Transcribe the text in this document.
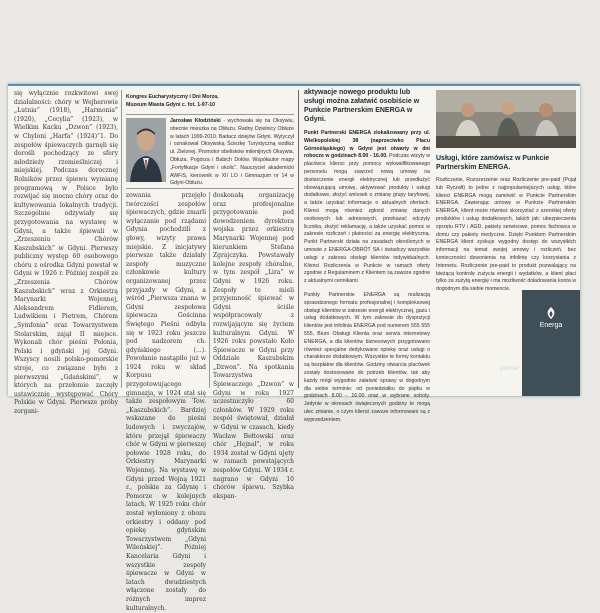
się wyłącznie rozkwitowi swej działalności: chóry w Wejherowie „Lutnia” (1918), „Harmonia” (1920), „Cecylia” (1923), w Wielkim Kacku „Dzwon” (1923), w Chyloni „Harfa” (1924)”1. Do zespołów śpiewaczych garnęli się dorośli pochodzący ze sfery młodzieży rzemieślniczej i miejskiej. Podczas dorocznej Rolników przez śpiewu wymianę programową w Polsce było rozwijać się mocno chóry oraz do kultywowania lokalnych tradycji. Szczególnie odżywiały się przygotowania na wystawę w Gdyni, a także śpiewali w „Zrzeszeniu Chórów Kaszubskich” w Gdyni. Pierwszy publiczny występ 60 osobowego chóru z ośrodka Gdyni powstał w Gdyni w 1926 r. Później zespół ze „Zrzeszenia Chórów Kaszubskich” wraz z Orkiestrą Marynarki Wojennej, Aleksandrem Fidlerem, Ludwikiem i Pietrem, Chórem „Symfonia” oraz Towarzystwem Stolarskim, zajął II miejsce. Wykonali chór pieśni Polonia, Polski i gdyński jej Gdyni. Wszyscy nosili polsko-pomorskie stroje, co związane było z pierwszymi „Gdańskimi”, w których na przełomie zaczęły ustawicznie występować Chóry Polskie w Gdyni. Pierwsze próby zorgani-

Kongres Eucharystyczny i Dni Morza,
Muzeum Miasta Gdyni c. fot. 1-97-10

Jarosław Kłodziński - wychowała się na Oksywiu, obecnie mieszka na Obłużu. Radny Dzielnicy Obłuże w latach 1999-2010. Badacz dziejów Gdyni. Wytyczył i oznakował Oksywską Ścieżkę Turystyczną wzdłuż ul. Zielonej. Promotor obelisków milenijnych Oksywia, Obłuża, Pogórza i Babich Dołów. Współautor mapy „Fortyfikacje Gdyni i okolic”. Nauczyciel akademicki AWFiS, kierownik w XII LO i Gimnazjum nr 14 w Gdyni-Obłużu.

zowania przejęło twórczości zespołów śpiewaczych, gdzie zmarli wyłączanie pod rządami Gdynia pochodzili z głowy, wizyty prawa miejskie. Z inicjatywy pierwsze także działały zespoły muzyczne członkowie kultury organizowanej przez przyjazdy w Gdyni, a wśród „Pierwsza znana w Gdyni zespołowa śpiewacza Gościnna Świętego Pieśni odbyła się w 1923 roku jeszcze pod nadzorem ch. gdyńskiego (...). Powołanie nastąpiło już w 1924 roku w skład Korpusu przygotowującego gimnazja, w 1924 stał się także zespołowym Tow. „Kaszubskich”. Bardziej wskazane do pieśni ludowych i zwyczajów, które przejął śpiewaczy chór w Gdyni w pierwszej połowie 1928 roku, do Orkiestry Marynarki Wojennej. Na wystawę w Gdyni przed Wojną 1921 r., polskie za Gdynię i Pomorze w kolejnych latach. W 1925 roku chór został wyłoniony z obozu orkiestry i oddany pod opiekę gdyńskim Towarzystwem „Gdyni Wileńskiej”. Później Kancelaria Gdyni i wszystkie zespoły śpiewacze w Gdyni w latach dwudziestych włączone zostały do różnych imprez kulturalnych.

doskonałą organizację oraz profesjonalne przygotowanie pod dowodzeniem dyrektora wojska przez orkiestrę Marynarki Wojennej pod kierunkiem Stefana Zgrajczyka. Powstawały kolejne zespoły chóralne, w tym zespół „Lira” w Gdyni w 1926 roku. Zespoły te mieli przyjemność śpiewać w Gdyni ściśle współpracowały z rozwijającym się życiem kulturalnym Gdyni. W 1926 roku powstało Koło Śpiewacze w Gdyni przy Oddziale Kaszubskim „Dzwon”. Na spotkania Towarzystwa Śpiewaczego „Dzwon” w Gdyni w roku 1927 uczestniczyło 60 członków. W 1929 roku zespół świętował, działał w Gdyni w czasach, kiedy Wacław Bełtowski oraz chór „Hejnał”, w roku 1934 został w Gdyni ujęty w ramach powstających zespołów Gdyni. W 1934 r. nagrano w Gdyni 10 chórów śpiewu. Szybka ekspan-

aktywacje nowego produktu lub usługi można załatwić osobiście w Punkcie Partnerskim ENERGA w Gdyni.

Punkt Partnerski ENERGA zlokalizowany przy ul. Wielkopolskiej 38 (naprzeciwko Placu Górnośląskiego) w Gdyni jest otwarty w dni robocze w godzinach 8.00 - 16.00. Podczas wizyty w placówce klienci przy pomocy wykwalifikowanego personelu mogą zawrzeć nową umowę na dostarczenie energii elektrycznej lub przedłużyć obowiązującą umowę, aktywować produkty i usługi dodatkowe, złożyć wniosek o zmianę grupy taryfowej, a także uzyskać informacje o aktualnych ofertach. Klienci mogą również zgłosić zmianę danych osobowych lub adresowych, przekazać odczyty licznika, złożyć reklamację, a także uzyskać pomoc w zakresie rozliczeń i płatności za energię elektryczną. Punkt Partnerski działa na zasadach określonych w umowie z ENERGA-OBRÓT SA i świadczy wszystkie usługi z zakresu obsługi klientów indywidualnych. Klienci Rozliczenia w Punkcie w ramach oferty zgodnie z Regulaminem z Klientem są zawsze zgodne z aktualnymi cennikami.

Punkty Partnerskie ENERGA są realizacją sprawdzonego formatu profesjonalnej i kompleksowej obsługi klientów w zakresie energii elektrycznej, gazu i usług dodatkowych. W tym zakresie do dyspozycji klientów jest infolinia ENERGA pod numerem 555 555 555, Biuro Obsługi Klienta oraz serwis internetowy ENERGA, a dla klientów biznesowych przygotowano również specjalne dedykowane opiekę oraz usługi o charakterze dodatkowym. Wszystkie te formy kontaktu są bezpłatne dla klientów. Godziny otwarcia placówek zostały dostosowane do potrzeb klientów, tak aby każdy mógł wygodnie załatwić sprawy w dogodnym dla siebie terminie: od poniedziałku do piątku w godzinach 8.00 - 16.00 oraz w wybrane soboty. Jedynie w okresach świątecznych godziny te mogą ulec zmianie, o czym klienci zawsze informowani są z wyprzedzeniem.

Usługi, które zamówisz w Punkcie Partnerskim ENERGA.

Rozliczanie, Rozszerzenie oraz Rozliczenie pre-paid (Pojął lub Ryczałt) to jedne z najpopularniejszych usług, które klienci ENERGA mogą zamówić w Punkcie Partnerskim ENERGA. Zawierając umowę w Punkcie Partnerskim ENERGA, klient może również skorzystać z szerokiej oferty produktów i usług dodatkowych, takich jak: ubezpieczenia sprzętu RTV i AGD, pakiety serwisowe, pomoc fachowca w domu czy pakiety medyczne. Dzięki Punktom Partnerskim ENERGA klient zyskuje wygodny dostęp do wszystkich informacji na temat swojej umowy i rozliczeń, bez konieczności dzwonienia na infolinię czy korzystania z Internetu. Rozliczenie pre-paid to produkt pozwalający na bieżącą kontrolę zużycia energii i wydatków, a klient płaci tylko za zużytą energię i ma możliwość doładowania konta w dogodnym dla siebie momencie.

Energa
partner
